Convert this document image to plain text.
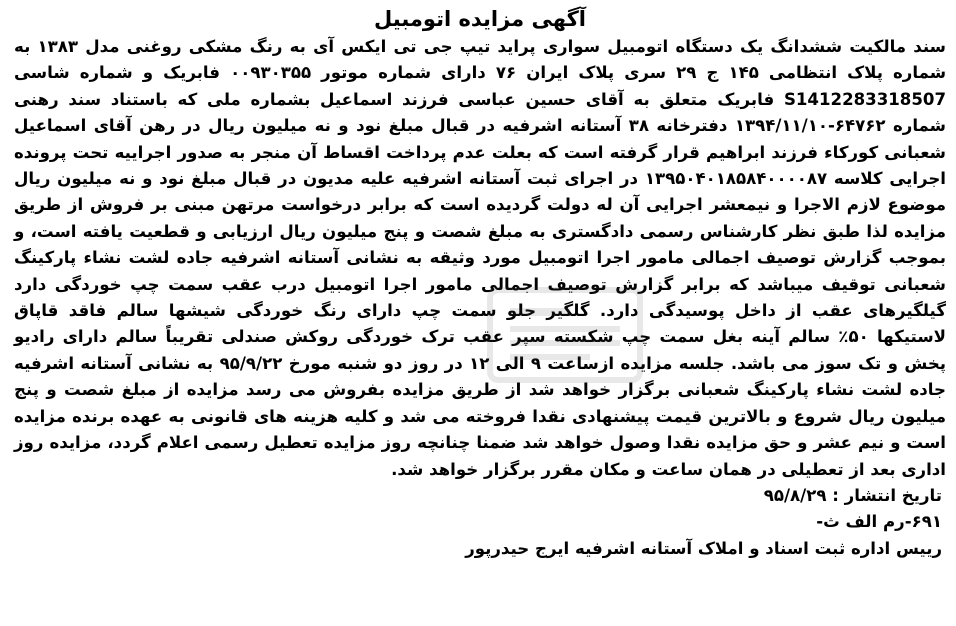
آگهی مزایده اتومبیل

سند مالکیت ششدانگ یک دستگاه اتومبیل سواری پراید تیپ جی تی ایکس آی به رنگ مشکی روغنی مدل ۱۳۸۳ به شماره پلاک انتظامی ۱۴۵ ج ۲۹ سری پلاک ایران ۷۶ دارای شماره موتور ۰۰۹۳۰۳۵۵ فابریک و شماره شاسی S1412283318507 فابریک متعلق به آقای حسین عباسی فرزند اسماعیل بشماره ملی که باستناد سند رهنی شماره ۶۴۷۶۲-۱۳۹۴/۱۱/۱۰ دفترخانه ۳۸ آستانه اشرفیه در قبال مبلغ نود و نه میلیون ریال در رهن آقای اسماعیل شعبانی کورکاء فرزند ابراهیم قرار گرفته است که بعلت عدم پرداخت اقساط آن منجر به صدور اجراییه تحت پرونده اجرایی کلاسه ۱۳۹۵۰۴۰۱۸۵۸۴۰۰۰۰۸۷ در اجرای ثبت آستانه اشرفیه علیه مدیون در قبال مبلغ نود و نه میلیون ریال موضوع لازم الاجرا و نیمعشر اجرایی آن له دولت گردیده است که برابر درخواست مرتهن مبنی بر فروش از طریق مزایده لذا طبق نظر کارشناس رسمی دادگستری به مبلغ شصت و پنج میلیون ریال ارزیابی و قطعیت یافته است، و بموجب گزارش توصیف اجمالی مامور اجرا اتومبیل مورد وثیقه به نشانی آستانه اشرفیه جاده لشت نشاء پارکینگ شعبانی توقیف میباشد که برابر گزارش توصیف اجمالی مامور اجرا اتومبیل درب عقب سمت چپ خوردگی دارد گیلگیرهای عقب از داخل پوسیدگی دارد. گلگیر جلو سمت چپ دارای رنگ خوردگی شیشها سالم فاقد قاپاق لاستیکها ۵۰٪ سالم آینه بغل سمت چپ شکسته سپر عقب ترک خوردگی روکش صندلی تقریباً سالم دارای رادیو پخش و تک سوز می باشد. جلسه مزایده ازساعت ۹ الی ۱۲ در روز دو شنبه مورخ ۹۵/۹/۲۲ به نشانی آستانه اشرفیه جاده لشت نشاء پارکینگ شعبانی برگزار خواهد شد از طریق مزایده بفروش می رسد مزایده از مبلغ شصت و پنج میلیون ریال شروع و بالاترین قیمت پیشنهادی نقدا فروخته می شد و کلیه هزینه های قانونی به عهده برنده مزایده است و نیم عشر و حق مزایده نقدا وصول خواهد شد ضمنا چنانچه روز مزایده تعطیل رسمی اعلام گردد، مزایده روز اداری بعد از تعطیلی در همان ساعت و مکان مقرر برگزار خواهد شد.

تاریخ انتشار : ۹۵/۸/۲۹
۶۹۱-رم الف ث-
رییس اداره ثبت اسناد و املاک آستانه اشرفیه ایرج حیدرپور
